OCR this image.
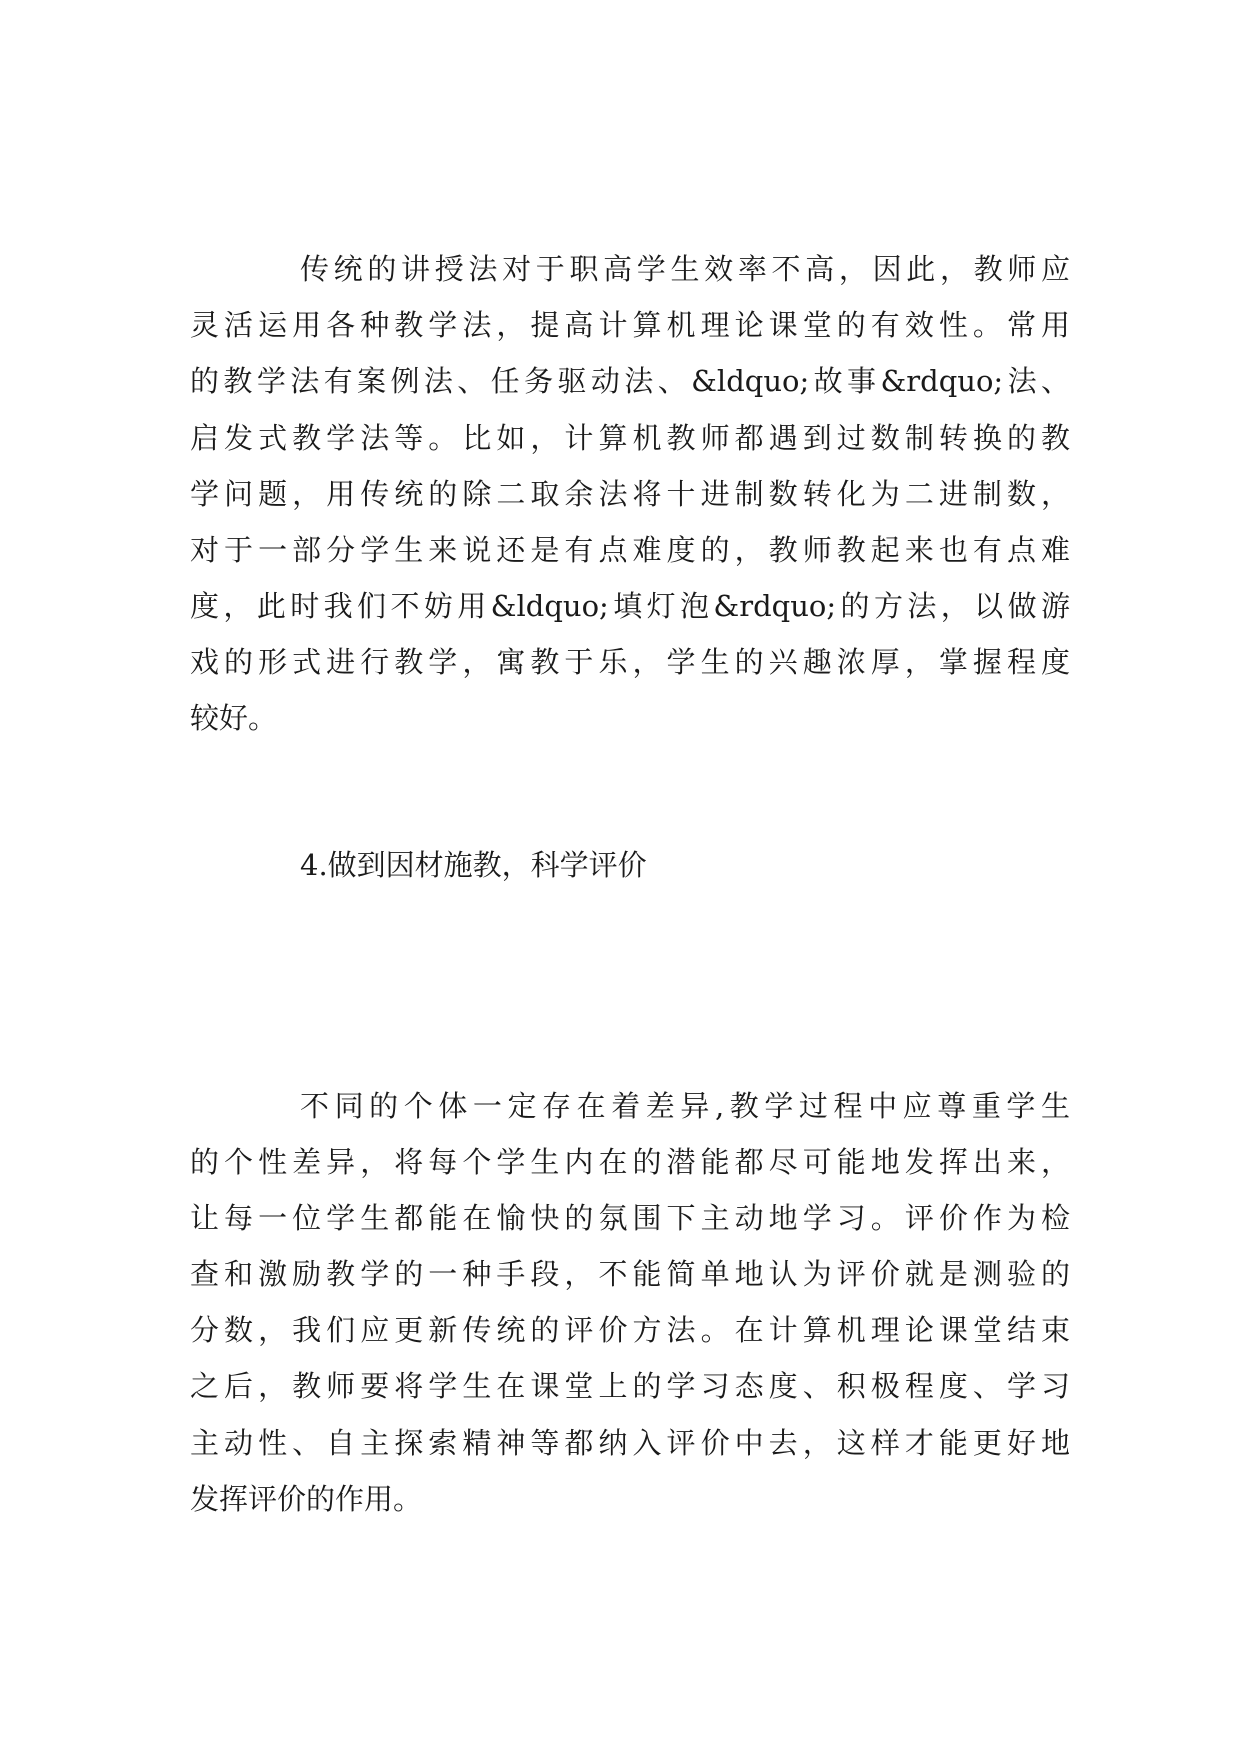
传统的讲授法对于职高学生效率不高，因此，教师应
灵活运用各种教学法，提高计算机理论课堂的有效性。常用
的教学法有案例法、任务驱动法、&ldquo;故事&rdquo;法、
启发式教学法等。比如，计算机教师都遇到过数制转换的教
学问题，用传统的除二取余法将十进制数转化为二进制数，
对于一部分学生来说还是有点难度的，教师教起来也有点难
度，此时我们不妨用&ldquo;填灯泡&rdquo;的方法，以做游
戏的形式进行教学，寓教于乐，学生的兴趣浓厚，掌握程度
较好。
4.做到因材施教，科学评价
不同的个体一定存在着差异,教学过程中应尊重学生
的个性差异，将每个学生内在的潜能都尽可能地发挥出来，
让每一位学生都能在愉快的氛围下主动地学习。评价作为检
查和激励教学的一种手段，不能简单地认为评价就是测验的
分数，我们应更新传统的评价方法。在计算机理论课堂结束
之后，教师要将学生在课堂上的学习态度、积极程度、学习
主动性、自主探索精神等都纳入评价中去，这样才能更好地
发挥评价的作用。
